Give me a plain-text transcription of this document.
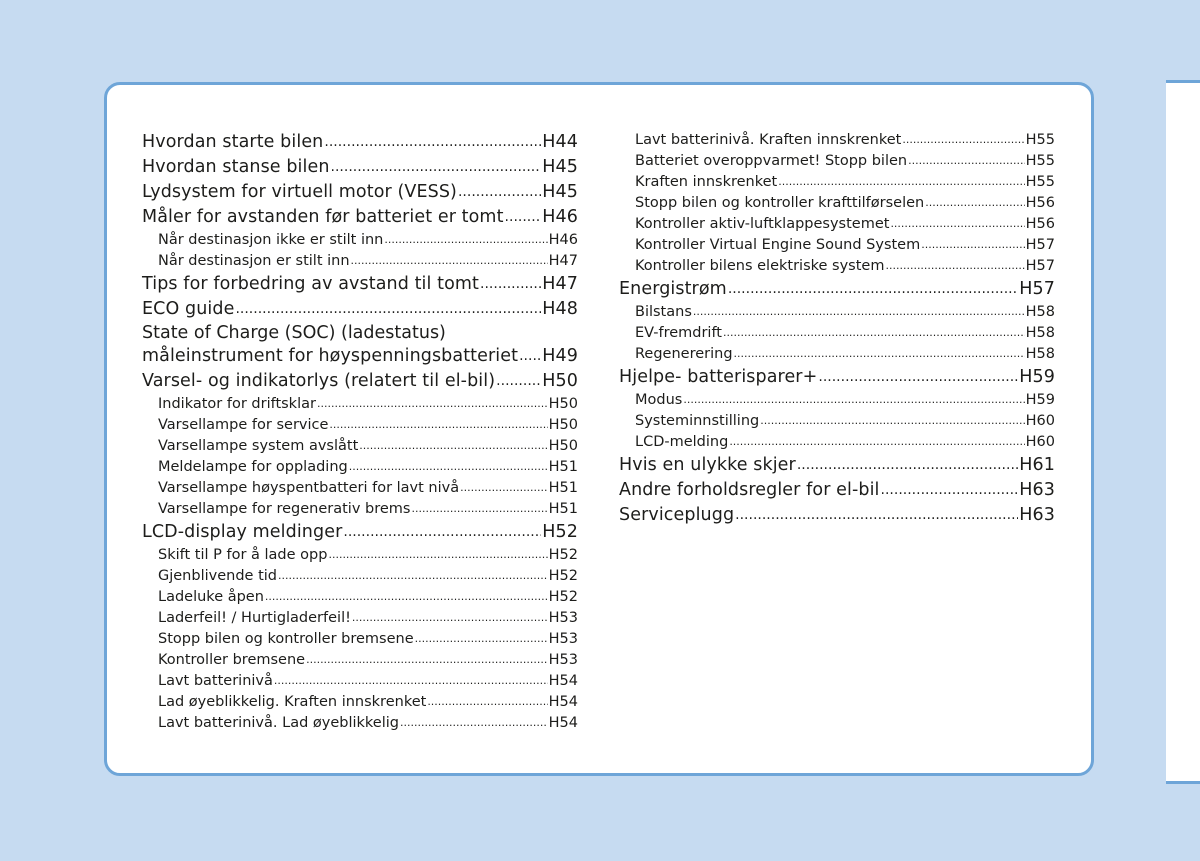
Hvordan starte bilen .....	H44
Hvordan stanse bilen .....	H45
Lydsystem for virtuell motor (VESS) .....	H45
Måler for avstanden før batteriet er tomt ..... H46
Når destinasjon ikke er stilt inn .....	H46
Når destinasjon er stilt inn .....	H47
Tips for forbedring av avstand til tomt .....	H47
ECO guide .....	H48
State of Charge (SOC) (ladestatus)
måleinstrument for høyspenningsbatteriet ..... H49
Varsel- og indikatorlys (relatert til el-bil) .....	H50
Indikator for driftsklar .....	H50
Varsellampe for service .....	H50
Varsellampe system avslått .....	H50
Meldelampe for opplading .....	H51
Varsellampe høyspentbatteri for lavt nivå .....	H51
Varsellampe for regenerativ brems .....	H51
LCD-display meldinger .....	H52
Skift til P for å lade opp .....	H52
Gjenblivende tid .....	H52
Ladeluke åpen .....	H52
Laderfeil! / Hurtigladerfeil! .....	H53
Stopp bilen og kontroller bremsene .....	H53
Kontroller bremsene .....	H53
Lavt batterinivå .....	H54
Lad øyeblikkelig. Kraften innskrenket .....	H54
Lavt batterinivå. Lad øyeblikkelig .....	H54
Lavt batterinivå. Kraften innskrenket .....	H55
Batteriet overoppvarmet! Stopp bilen .....	H55
Kraften innskrenket .....	H55
Stopp bilen og kontroller krafttilførselen .....	H56
Kontroller aktiv-luftklappesystemet .....	H56
Kontroller Virtual Engine Sound System .....	H57
Kontroller bilens elektriske system .....	H57
Energistrøm .....	H57
Bilstans .....	H58
EV-fremdrift .....	H58
Regenerering .....	H58
Hjelpe- batterisparer+ .....	H59
Modus .....	H59
Systeminnstilling .....	H60
LCD-melding .....	H60
Hvis en ulykke skjer .....	H61
Andre forholdsregler for el-bil .....	H63
Serviceplugg .....	H63
